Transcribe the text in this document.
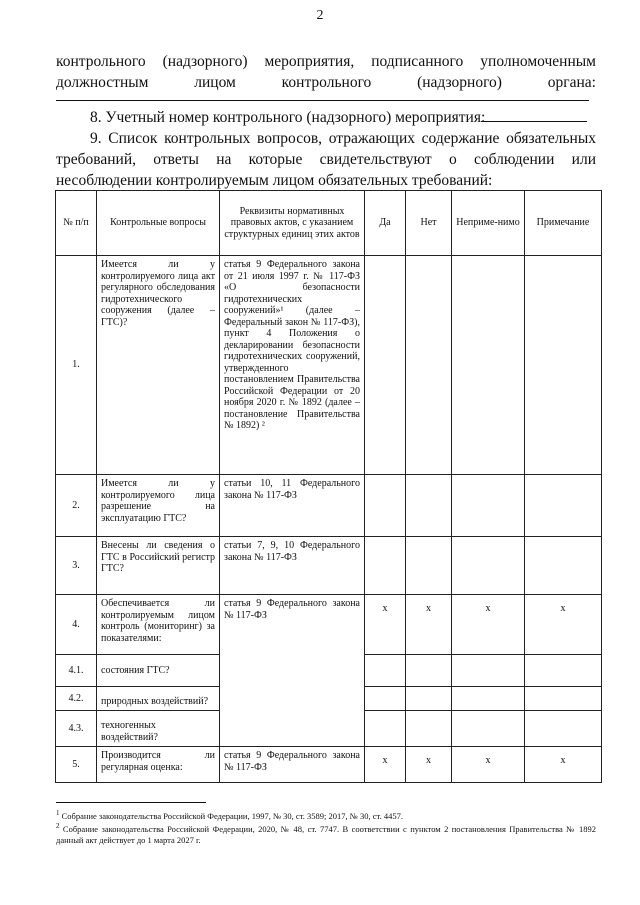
2
контрольного (надзорного) мероприятия, подписанного уполномоченным
должностным лицом контрольного (надзорного) органа:
8. Учетный номер контрольного (надзорного) мероприятия:
9. Список контрольных вопросов, отражающих содержание обязательных
требований, ответы на которые свидетельствуют о соблюдении или
несоблюдении контролируемым лицом обязательных требований:
№ п/п	Контрольные вопросы	Реквизиты нормативных правовых актов, с указанием структурных единиц этих актов	Да	Нет	Неприме-нимо	Примечание
1.	Имеется ли у контролируемого лица акт регулярного обследования гидротехнического сооружения (далее – ГТС)?	статья 9 Федерального закона от 21 июля 1997 г. № 117-ФЗ «О безопасности гидротехнических сооружений»¹ (далее – Федеральный закон № 117-ФЗ), пункт 4 Положения о декларировании безопасности гидротехнических сооружений, утвержденного постановлением Правительства Российской Федерации от 20 ноября 2020 г. № 1892 (далее – постановление Правительства № 1892) ²				
2.	Имеется ли у контролируемого лица разрешение на эксплуатацию ГТС?	статьи 10, 11 Федерального закона № 117-ФЗ				
3.	Внесены ли сведения о ГТС в Российский регистр ГТС?	статьи 7, 9, 10 Федерального закона № 117-ФЗ				
4.	Обеспечивается ли контролируемым лицом контроль (мониторинг) за показателями:	статья 9 Федерального закона № 117-ФЗ	x	x	x	x
4.1.	состояния ГТС?					
4.2.	природных воздействий?					
4.3.	техногенных воздействий?					
5.	Производится ли регулярная оценка:	статья 9 Федерального закона № 117-ФЗ	x	x	x	x
$^1$ Собрание законодательства Российской Федерации, 1997, № 30, ст. 3589; 2017, № 30, ст. 4457.
$^2$ Собрание законодательства Российской Федерации, 2020, № 48, ст. 7747. В соответствии с пунктом 2 постановления Правительства № 1892 данный акт действует до 1 марта 2027 г.
